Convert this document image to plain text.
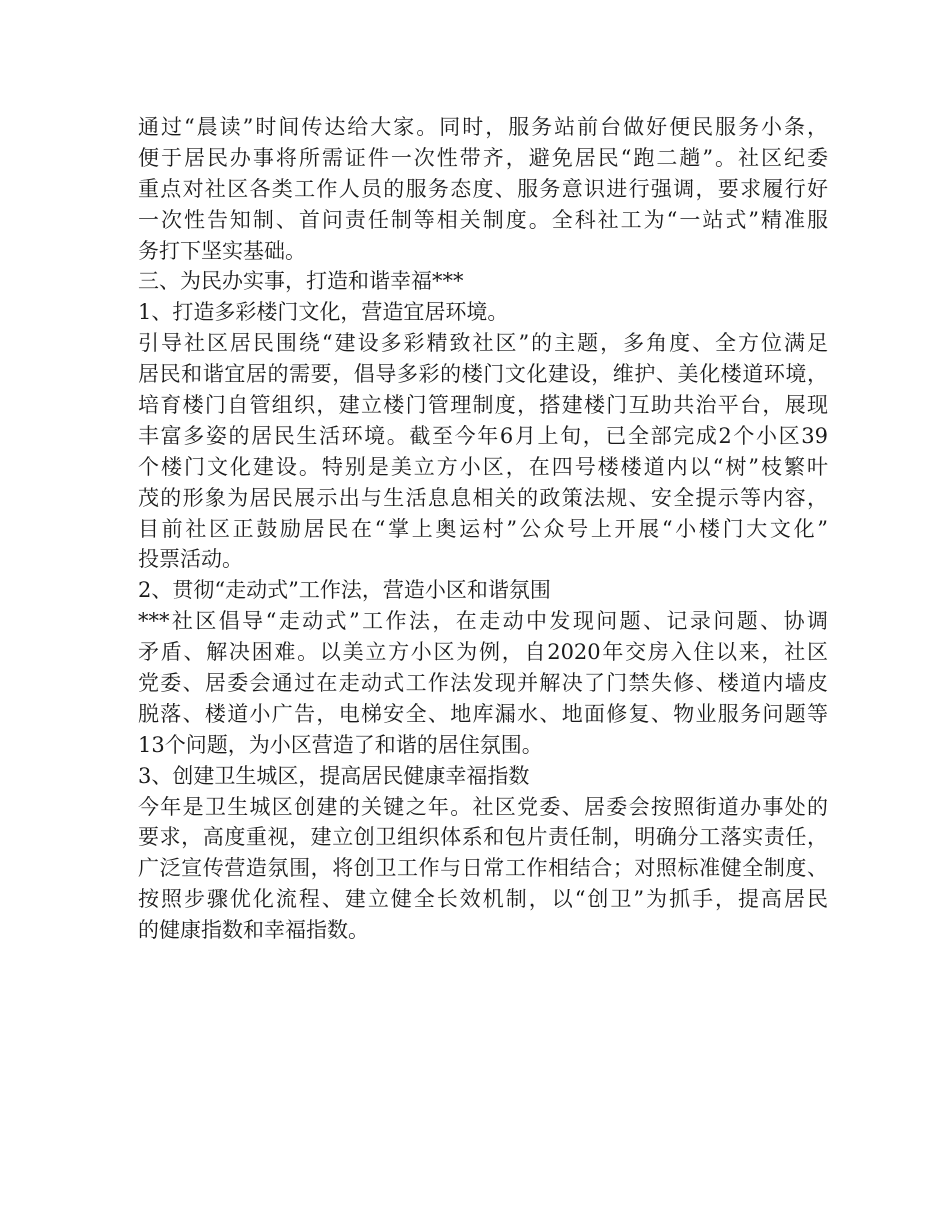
通过“晨读”时间传达给大家。同时，服务站前台做好便民服务小条，
便于居民办事将所需证件一次性带齐，避免居民“跑二趟”。社区纪委
重点对社区各类工作人员的服务态度、服务意识进行强调，要求履行好
一次性告知制、首问责任制等相关制度。全科社工为“一站式”精准服
务打下坚实基础。
三、为民办实事，打造和谐幸福***
1、打造多彩楼门文化，营造宜居环境。
引导社区居民围绕“建设多彩精致社区”的主题，多角度、全方位满足
居民和谐宜居的需要，倡导多彩的楼门文化建设，维护、美化楼道环境，
培育楼门自管组织，建立楼门管理制度，搭建楼门互助共治平台，展现
丰富多姿的居民生活环境。截至今年6月上旬，已全部完成2个小区39
个楼门文化建设。特别是美立方小区，在四号楼楼道内以“树”枝繁叶
茂的形象为居民展示出与生活息息相关的政策法规、安全提示等内容，
目前社区正鼓励居民在“掌上奥运村”公众号上开展“小楼门大文化”
投票活动。
2、贯彻“走动式”工作法，营造小区和谐氛围
***社区倡导“走动式”工作法，在走动中发现问题、记录问题、协调
矛盾、解决困难。以美立方小区为例，自2020年交房入住以来，社区
党委、居委会通过在走动式工作法发现并解决了门禁失修、楼道内墙皮
脱落、楼道小广告，电梯安全、地库漏水、地面修复、物业服务问题等
13个问题，为小区营造了和谐的居住氛围。
3、创建卫生城区，提高居民健康幸福指数
今年是卫生城区创建的关键之年。社区党委、居委会按照街道办事处的
要求，高度重视，建立创卫组织体系和包片责任制，明确分工落实责任，
广泛宣传营造氛围，将创卫工作与日常工作相结合；对照标准健全制度、
按照步骤优化流程、建立健全长效机制，以“创卫”为抓手，提高居民
的健康指数和幸福指数。
